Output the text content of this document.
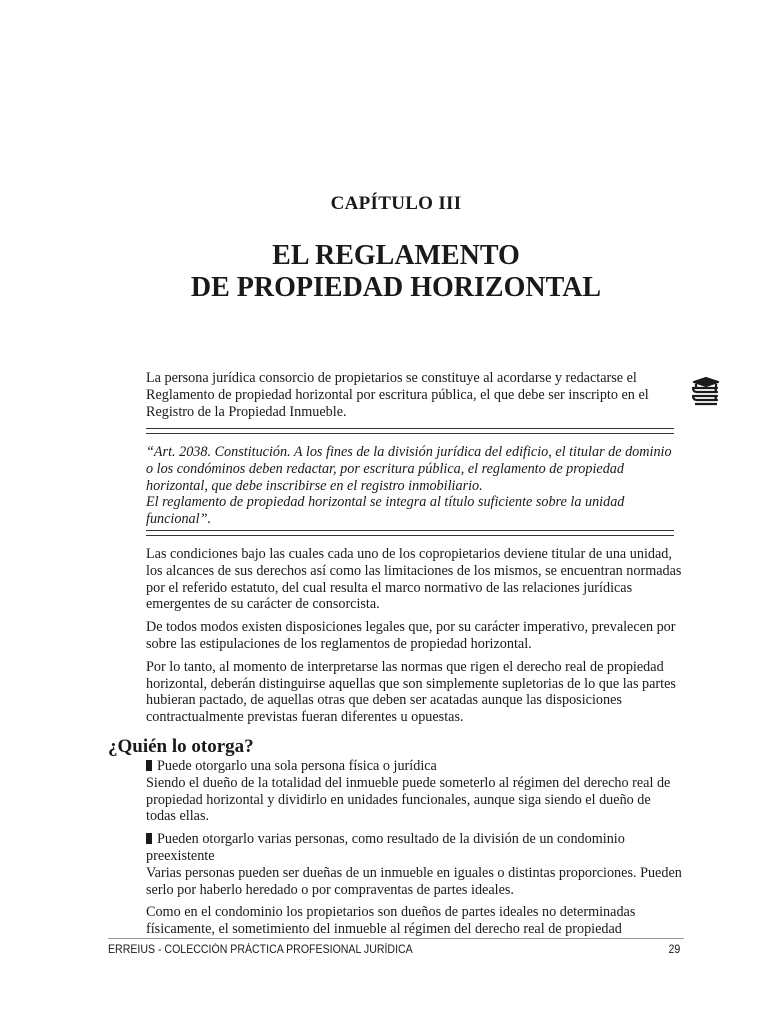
CAPÍTULO III
EL REGLAMENTO
DE PROPIEDAD HORIZONTAL
La persona jurídica consorcio de propietarios se constituye al acordarse y redactarse el Reglamento de propiedad horizontal por escritura pública, el que debe ser inscripto en el Registro de la Propiedad Inmueble.

“Art. 2038. Constitución. A los fines de la división jurídica del edificio, el titular de dominio o los condóminos deben redactar, por escritura pública, el reglamento de propiedad horizontal, que debe inscribirse en el registro inmobiliario.

El reglamento de propiedad horizontal se integra al título suficiente sobre la unidad funcional”.

Las condiciones bajo las cuales cada uno de los copropietarios deviene titular de una unidad, los alcances de sus derechos así como las limitaciones de los mismos, se encuentran normadas por el referido estatuto, del cual resulta el marco normativo de las relaciones jurídicas emergentes de su carácter de consorcista.

De todos modos existen disposiciones legales que, por su carácter imperativo, prevalecen por sobre las estipulaciones de los reglamentos de propiedad horizontal.

Por lo tanto, al momento de interpretarse las normas que rigen el derecho real de propiedad horizontal, deberán distinguirse aquellas que son simplemente supletorias de lo que las partes hubieran pactado, de aquellas otras que deben ser acatadas aunque las disposiciones contractualmente previstas fueran diferentes u opuestas.

¿Quién lo otorga?
Puede otorgarlo una sola persona física o jurídica

Siendo el dueño de la totalidad del inmueble puede someterlo al régimen del derecho real de propiedad horizontal y dividirlo en unidades funcionales, aunque siga siendo el dueño de todas ellas.

Pueden otorgarlo varias personas, como resultado de la división de un condominio preexistente

Varias personas pueden ser dueñas de un inmueble en iguales o distintas proporciones. Pueden serlo por haberlo heredado o por compraventas de partes ideales.

Como en el condominio los propietarios son dueños de partes ideales no determinadas físicamente, el sometimiento del inmueble al régimen del derecho real de propiedad

ERREIUS - COLECCIÓN PRÁCTICA PROFESIONAL JURÍDICA	29
